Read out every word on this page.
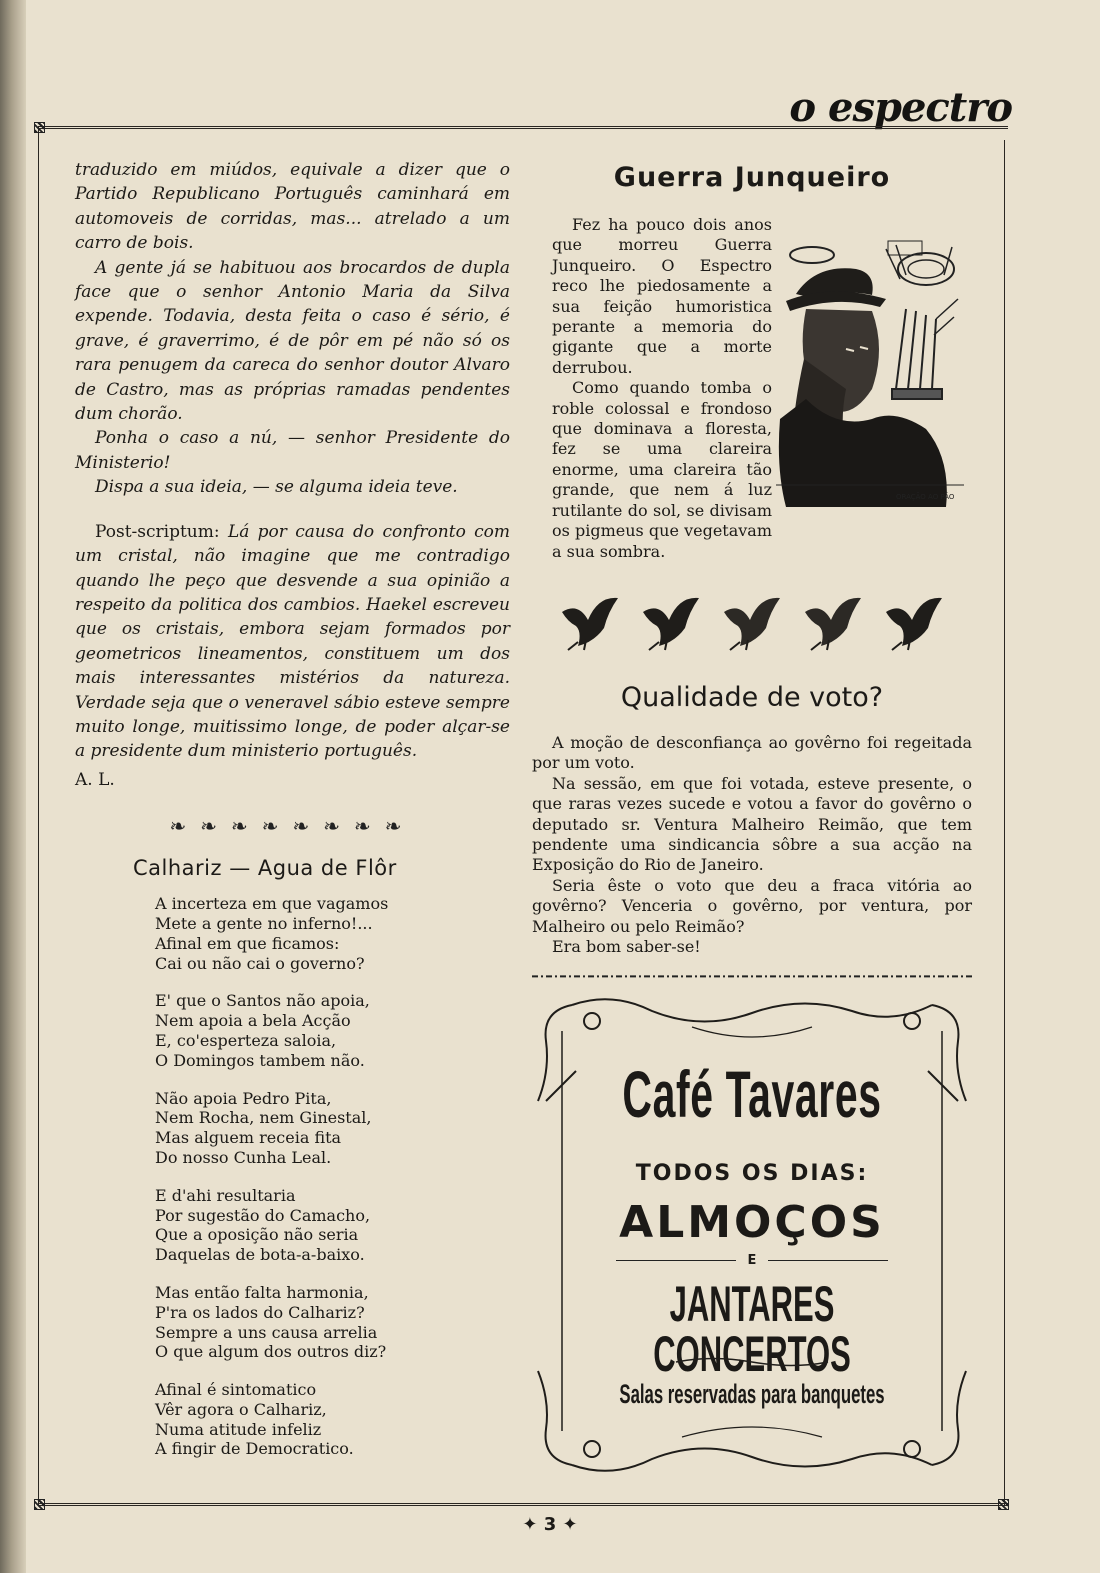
o espectro

traduzido em miúdos, equivale a dizer que o Partido Republicano Português caminhará em automoveis de corridas, mas... atrelado a um carro de bois.

A gente já se habituou aos brocardos de dupla face que o senhor Antonio Maria da Silva expende. Todavia, desta feita o caso é sério, é grave, é graverrimo, é de pôr em pé não só os rara penugem da careca do senhor doutor Alvaro de Castro, mas as próprias ramadas pendentes dum chorão.

Ponha o caso a nú, — senhor Presidente do Ministerio!

Dispa a sua ideia, — se alguma ideia teve.

Post-scriptum: Lá por causa do confronto com um cristal, não imagine que me contradigo quando lhe peço que desvende a sua opinião a respeito da politica dos cambios. Haekel escreveu que os cristais, embora sejam formados por geometricos lineamentos, constituem um dos mais interessantes mistérios da natureza. Verdade seja que o veneravel sábio esteve sempre muito longe, muitissimo longe, de poder alçar-se a presidente dum ministerio português.

A. L.

❧❧❧❧❧❧❧❧
Calhariz — Agua de Flôr
A incerteza em que vagamos
Mete a gente no inferno!...
Afinal em que ficamos:
Cai ou não cai o governo?
E' que o Santos não apoia,
Nem apoia a bela Acção
E, co'esperteza saloia,
O Domingos tambem não.
Não apoia Pedro Pita,
Nem Rocha, nem Ginestal,
Mas alguem receia fita
Do nosso Cunha Leal.
E d'ahi resultaria
Por sugestão do Camacho,
Que a oposição não seria
Daquelas de bota-a-baixo.
Mas então falta harmonia,
P'ra os lados do Calhariz?
Sempre a uns causa arrelia
O que algum dos outros diz?
Afinal é sintomatico
Vêr agora o Calhariz,
Numa atitude infeliz
A fingir de Democratico.
Guerra Junqueiro

Fez ha pouco dois anos que morreu Guerra Junqueiro. O Espectro reco lhe piedosamente a sua feição humoristica perante a memoria do gigante que a morte derrubou.

Como quando tomba o roble colossal e frondoso que dominava a floresta, fez se uma clareira enorme, uma clareira tão grande, que nem á luz rutilante do sol, se divisam os pigmeus que vegetavam a sua sombra.

ORAÇÃO AO PÃO

Qualidade de voto?

A moção de desconfiança ao govêrno foi regeitada por um voto.

Na sessão, em que foi votada, esteve presente, o que raras vezes sucede e votou a favor do govêrno o deputado sr. Ventura Malheiro Reimão, que tem pendente uma sindicancia sôbre a sua acção na Exposição do Rio de Janeiro.

Seria êste o voto que deu a fraca vitória ao govêrno? Venceria o govêrno, por ventura, por Malheiro ou pelo Reimão?

Era bom saber-se!

Café Tavares
TODOS OS DIAS:
ALMOÇOS
E
JANTARES CONCERTOS
Salas reservadas para banquetes
✦ 3 ✦
